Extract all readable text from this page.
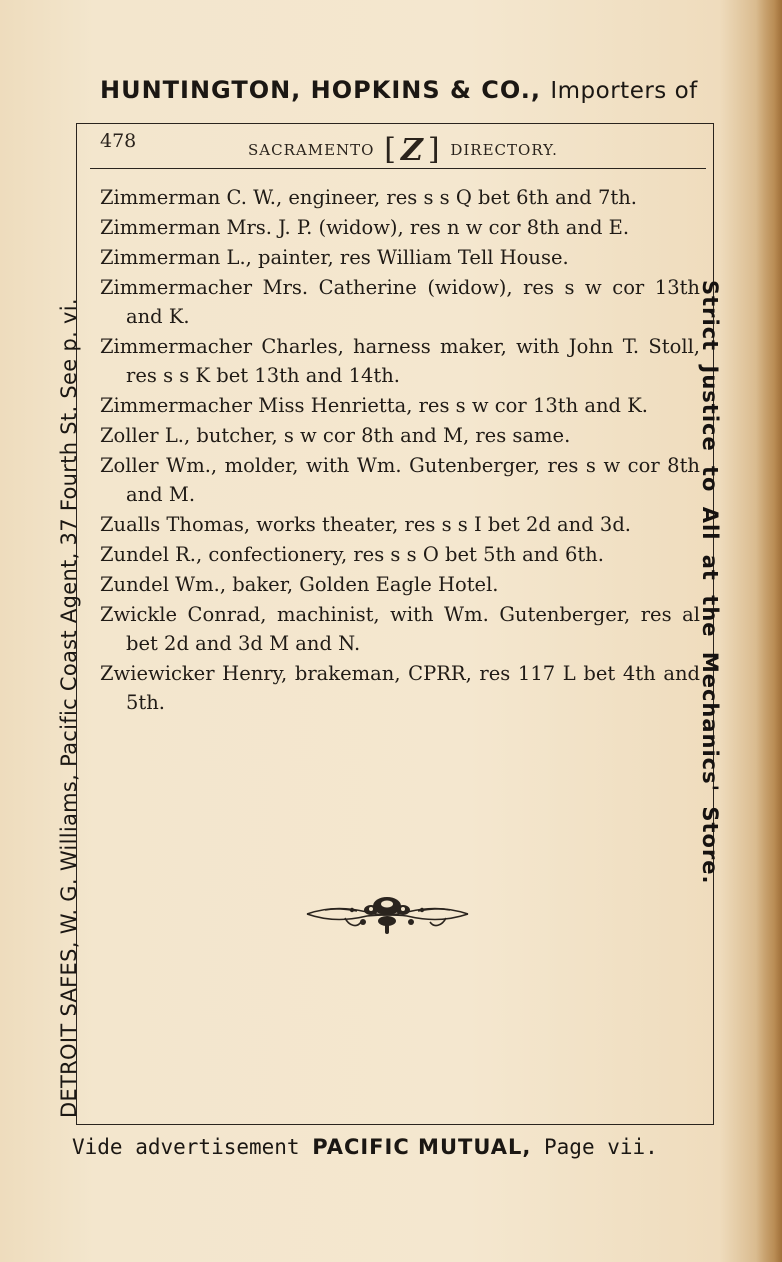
HUNTINGTON, HOPKINS & CO., Importers of
478	SACRAMENTO [ Z ] DIRECTORY.

Zimmerman C. W., engineer, res s s Q bet 6th and 7th.

Zimmerman Mrs. J. P. (widow), res n w cor 8th and E.

Zimmerman L., painter, res William Tell House.

Zimmermacher Mrs. Catherine (widow), res s w cor 13th and K.

Zimmermacher Charles, harness maker, with John T. Stoll, res s s K bet 13th and 14th.

Zimmermacher Miss Henrietta, res s w cor 13th and K.

Zoller L., butcher, s w cor 8th and M, res same.

Zoller Wm., molder, with Wm. Gutenberger, res s w cor 8th and M.

Zualls Thomas, works theater, res s s I bet 2d and 3d.

Zundel R., confectionery, res s s O bet 5th and 6th.

Zundel Wm., baker, Golden Eagle Hotel.

Zwickle Conrad, machinist, with Wm. Gutenberger, res al bet 2d and 3d M and N.

Zwiewicker Henry, brakeman, CPRR, res 117 L bet 4th and 5th.

DETROIT SAFES, W. G. Williams, Pacific Coast Agent, 37 Fourth St. See p. vi.	Strict Justice to All at the Mechanics' Store.
Vide advertisement PACIFIC MUTUAL, Page vii.
